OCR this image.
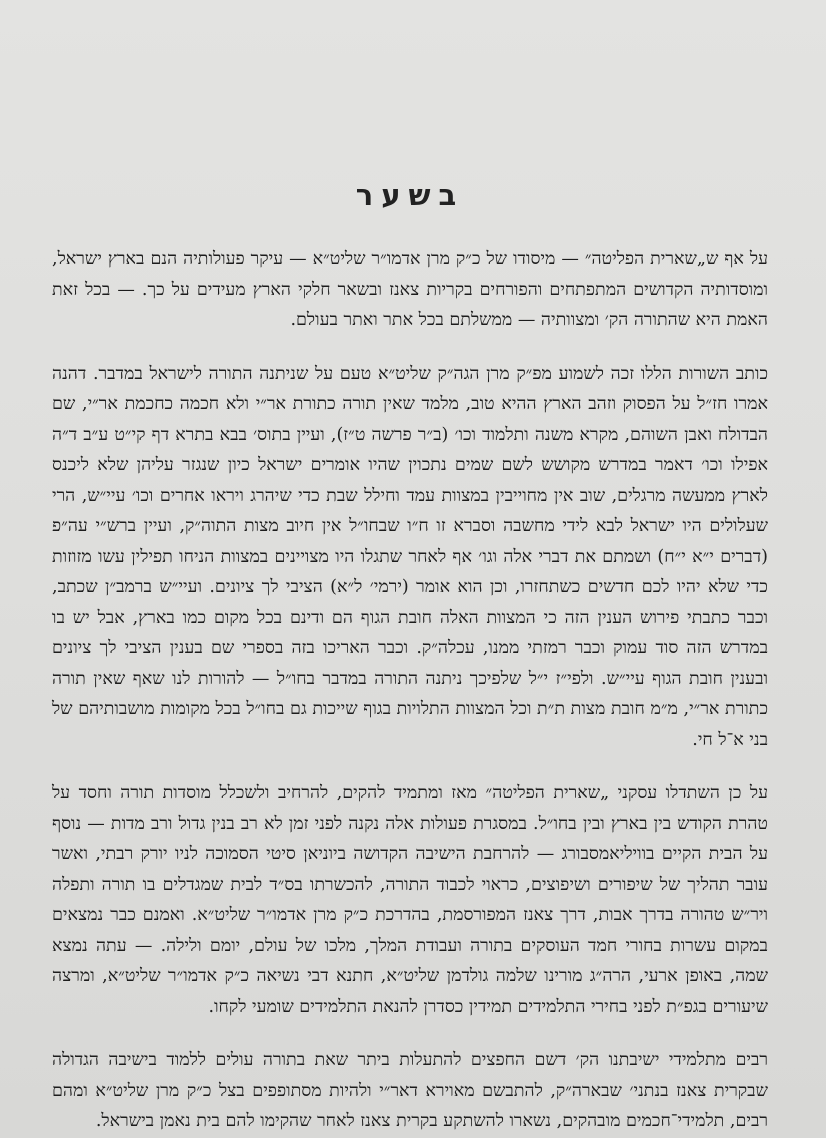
בשער

על אף ש„שארית הפליטה״ — מיסודו של כ״ק מרן אדמו״ר שליט״א — עיקר פעולותיה הנם בארץ ישראל, ומוסדותיה הקדושים המתפתחים והפורחים בקריות צאנז ובשאר חלקי הארץ מעידים על כך. — בכל זאת האמת היא שהתורה הק׳ ומצוותיה — ממשלתם בכל אתר ואתר בעולם.

כותב השורות הללו זכה לשמוע מפ״ק מרן הגה״ק שליט״א טעם על שניתנה התורה לישראל במדבר. דהנה אמרו חז״ל על הפסוק וזהב הארץ ההיא טוב, מלמד שאין תורה כתורת אר״י ולא חכמה כחכמת אר״י, שם הבדולח ואבן השוהם, מקרא משנה ותלמוד וכו׳ (ב״ר פרשה ט״ז), ועיין בתוס׳ בבא בתרא דף קי״ט ע״ב ד״ה אפילו וכו׳ דאמר במדרש מקושש לשם שמים נתכוין שהיו אומרים ישראל כיון שנגזר עליהן שלא ליכנס לארץ ממעשה מרגלים, שוב אין מחוייבין במצוות עמד וחילל שבת כדי שיהרג ויראו אחרים וכו׳ עיי״ש, הרי שעלולים היו ישראל לבא לידי מחשבה וסברא זו ח״ו שבחו״ל אין חיוב מצות התוה״ק, ועיין ברש״י עה״פ (דברים י״א י״ח) ושמתם את דברי אלה וגו׳ אף לאחר שתגלו היו מצויינים במצוות הניחו תפילין עשו מזוזות כדי שלא יהיו לכם חדשים כשתחזרו, וכן הוא אומר (ירמי׳ ל״א) הציבי לך ציונים. ועיי״ש ברמב״ן שכתב, וכבר כתבתי פירוש הענין הזה כי המצוות האלה חובת הגוף הם ודינם בכל מקום כמו בארץ, אבל יש בו במדרש הזה סוד עמוק וכבר רמזתי ממנו, עכלה״ק. וכבר האריכו בזה בספרי שם בענין הציבי לך ציונים ובענין חובת הגוף עיי״ש. ולפי״ז י״ל שלפיכך ניתנה התורה במדבר בחו״ל — להורות לנו שאף שאין תורה כתורת אר״י, מ״מ חובת מצות ת״ת וכל המצוות התלויות בגוף שייכות גם בחו״ל בכל מקומות מושבותיהם של בני א־ל חי.

על כן השתדלו עסקני „שארית הפליטה״ מאז ומתמיד להקים, להרחיב ולשכלל מוסדות תורה וחסד על טהרת הקודש בין בארץ ובין בחו״ל. במסגרת פעולות אלה נקנה לפני זמן לא רב בנין גדול ורב מדות — נוסף על הבית הקיים בוויליאמסבורג — להרחבת הישיבה הקדושה ביוניאן סיטי הסמוכה לניו יורק רבתי, ואשר עובר תהליך של שיפורים ושיפוצים, כראוי לכבוד התורה, להכשרתו בס״ד לבית שמגדלים בו תורה ותפלה ויר״ש טהורה בדרך אבות, דרך צאנז המפורסמת, בהדרכת כ״ק מרן אדמו״ר שליט״א. ואמנם כבר נמצאים במקום עשרות בחורי חמד העוסקים בתורה ועבודת המלך, מלכו של עולם, יומם ולילה. — עתה נמצא שמה, באופן ארעי, הרה״ג מורינו שלמה גולדמן שליט״א, חתנא דבי נשיאה כ״ק אדמו״ר שליט״א, ומרצה שיעורים בגפ״ת לפני בחירי התלמידים תמידין כסדרן להנאת התלמידים שומעי לקחו.

רבים מתלמידי ישיבתנו הק׳ דשם החפצים להתעלות ביתר שאת בתורה עולים ללמוד בישיבה הגדולה שבקרית צאנז בנתני׳ שבארה״ק, להתבשם מאוירא דאר״י ולהיות מסתופפים בצל כ״ק מרן שליט״א ומהם רבים, תלמידי־חכמים מובהקים, נשארו להשתקע בקרית צאנז לאחר שהקימו להם בית נאמן בישראל.
